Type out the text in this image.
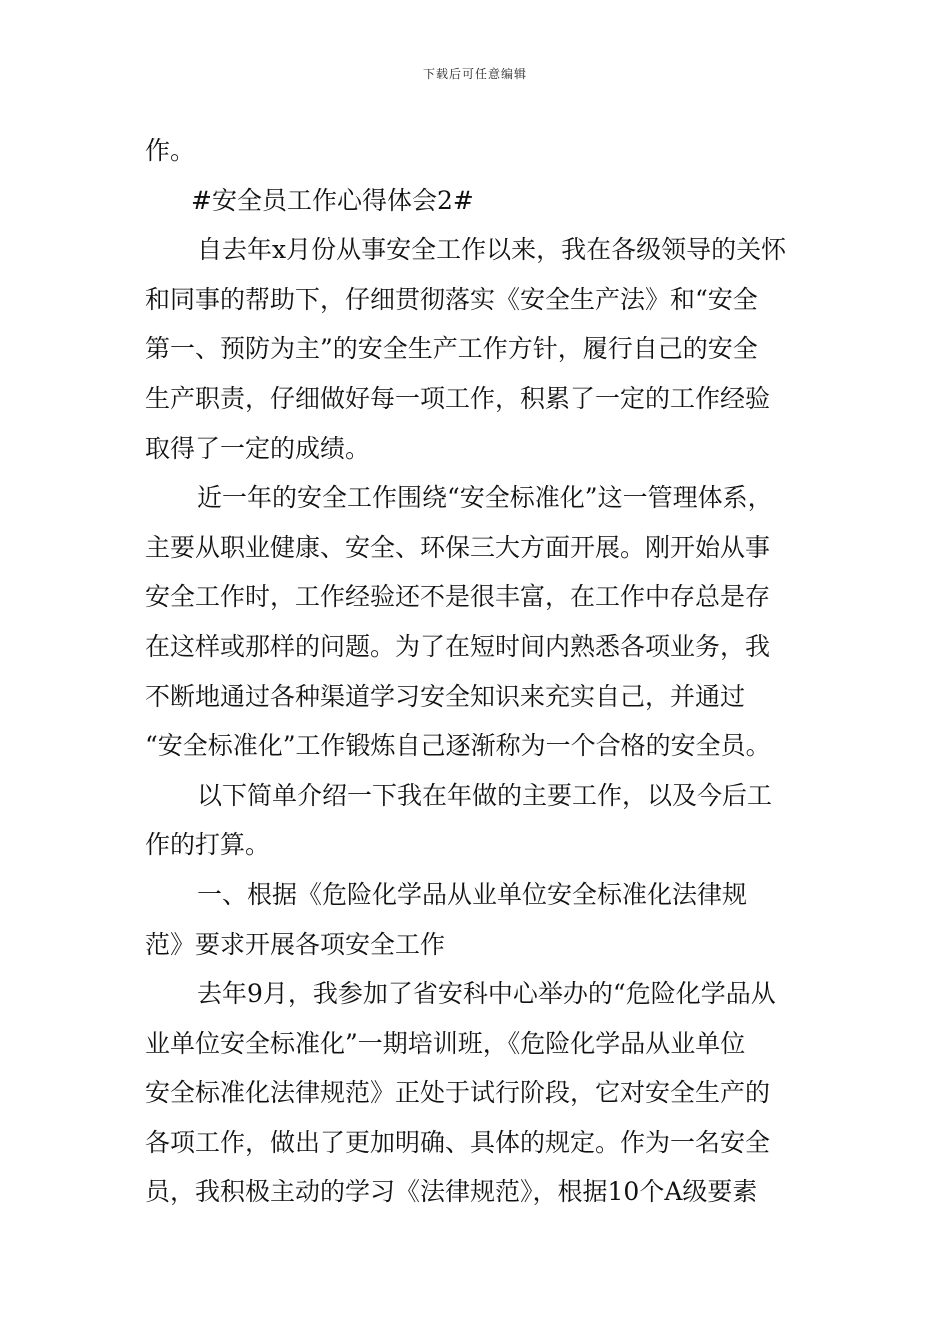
下载后可任意编辑
作。
#安全员工作心得体会2#
自去年x月份从事安全工作以来，我在各级领导的关怀
和同事的帮助下，仔细贯彻落实《安全生产法》和“安全
第一、预防为主”的安全生产工作方针，履行自己的安全
生产职责，仔细做好每一项工作，积累了一定的工作经验
取得了一定的成绩。
近一年的安全工作围绕“安全标准化”这一管理体系，
主要从职业健康、安全、环保三大方面开展。刚开始从事
安全工作时，工作经验还不是很丰富，在工作中存总是存
在这样或那样的问题。为了在短时间内熟悉各项业务，我
不断地通过各种渠道学习安全知识来充实自己，并通过
“安全标准化”工作锻炼自己逐渐称为一个合格的安全员。
以下简单介绍一下我在年做的主要工作，以及今后工
作的打算。
一、根据《危险化学品从业单位安全标准化法律规
范》要求开展各项安全工作
去年9月，我参加了省安科中心举办的“危险化学品从
业单位安全标准化”一期培训班，《危险化学品从业单位
安全标准化法律规范》正处于试行阶段，它对安全生产的
各项工作，做出了更加明确、具体的规定。作为一名安全
员，我积极主动的学习《法律规范》，根据10个A级要素
